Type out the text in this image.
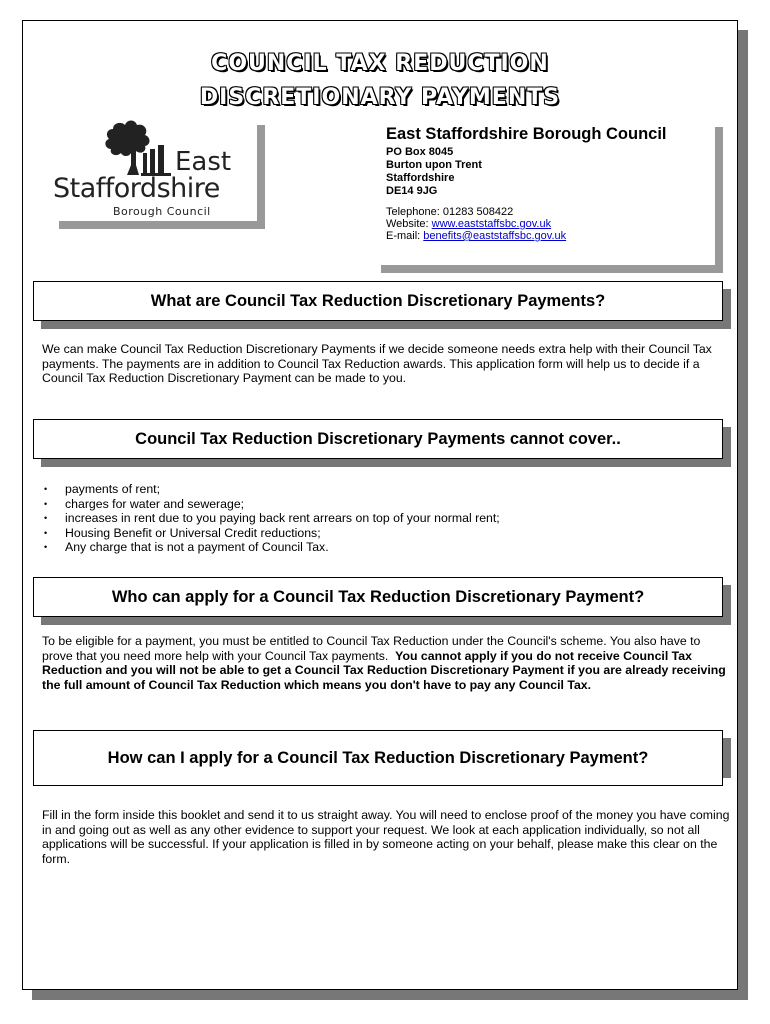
COUNCIL TAX REDUCTION
DISCRETIONARY PAYMENTS
East
Staffordshire
Borough Council
East Staffordshire Borough Council
PO Box 8045
Burton upon Trent
Staffordshire
DE14 9JG
Telephone: 01283 508422
Website: www.eaststaffsbc.gov.uk
E-mail: benefits@eaststaffsbc.gov.uk
What are Council Tax Reduction Discretionary Payments?
We can make Council Tax Reduction Discretionary Payments if we decide someone needs extra help with their Council Tax payments. The payments are in addition to Council Tax Reduction awards. This application form will help us to decide if a Council Tax Reduction Discretionary Payment can be made to you.
Council Tax Reduction Discretionary Payments cannot cover..
• payments of rent;
• charges for water and sewerage;
• increases in rent due to you paying back rent arrears on top of your normal rent;
• Housing Benefit or Universal Credit reductions;
• Any charge that is not a payment of Council Tax.
Who can apply for a Council Tax Reduction Discretionary Payment?
To be eligible for a payment, you must be entitled to Council Tax Reduction under the Council's scheme. You also have to prove that you need more help with your Council Tax payments. You cannot apply if you do not receive Council Tax Reduction and you will not be able to get a Council Tax Reduction Discretionary Payment if you are already receiving the full amount of Council Tax Reduction which means you don't have to pay any Council Tax.
How can I apply for a Council Tax Reduction Discretionary Payment?
Fill in the form inside this booklet and send it to us straight away. You will need to enclose proof of the money you have coming in and going out as well as any other evidence to support your request. We look at each application individually, so not all applications will be successful. If your application is filled in by someone acting on your behalf, please make this clear on the form.
